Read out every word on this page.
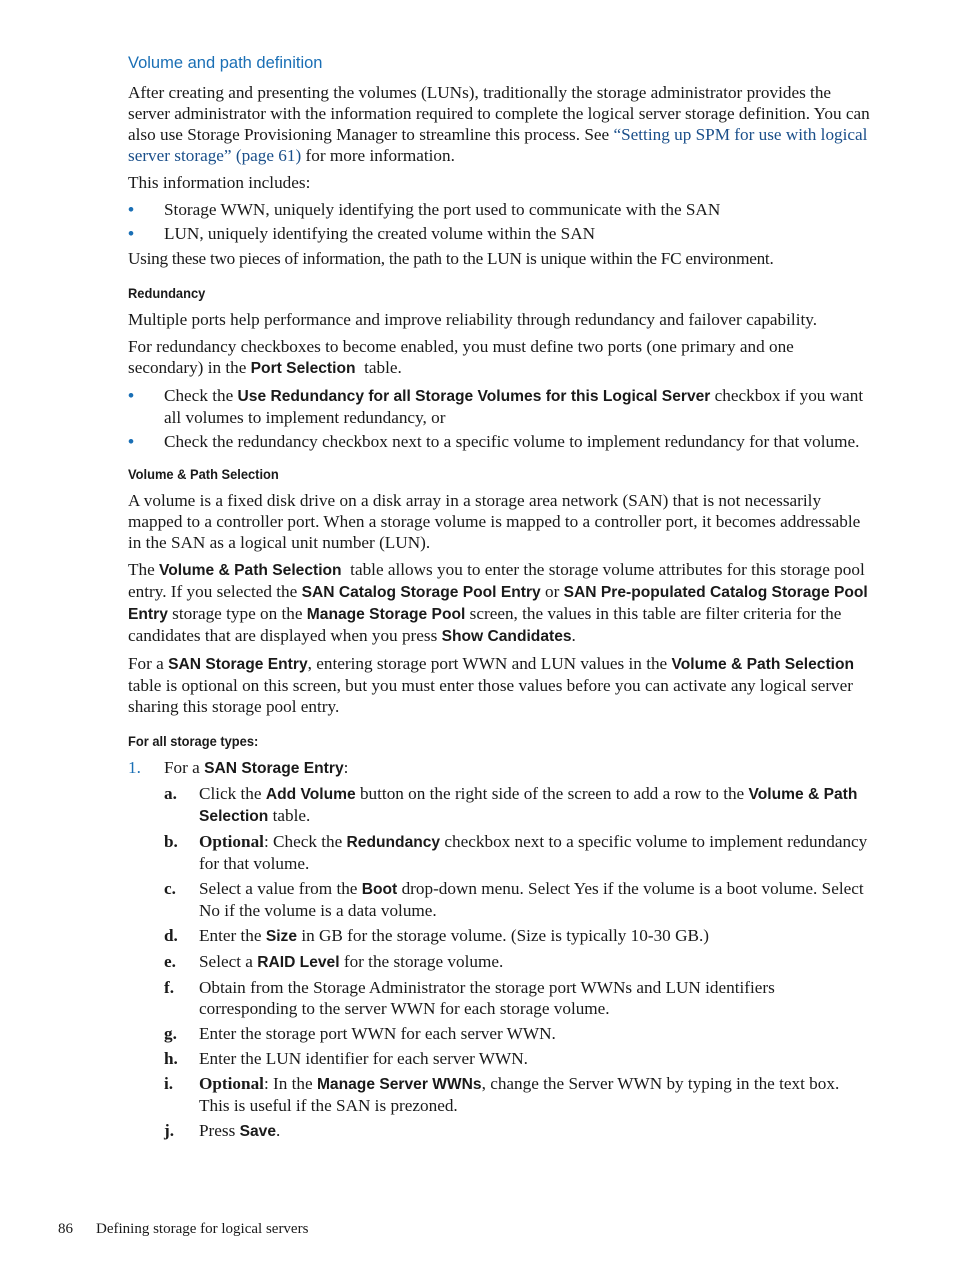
Volume and path definition

After creating and presenting the volumes (LUNs), traditionally the storage administrator provides the server administrator with the information required to complete the logical server storage definition. You can also use Storage Provisioning Manager to streamline this process. See “Setting up SPM for use with logical server storage” (page 61) for more information.

This information includes:

• Storage WWN, uniquely identifying the port used to communicate with the SAN
• LUN, uniquely identifying the created volume within the SAN

Using these two pieces of information, the path to the LUN is unique within the FC environment.

Redundancy

Multiple ports help performance and improve reliability through redundancy and failover capability.

For redundancy checkboxes to become enabled, you must define two ports (one primary and one secondary) in the Port Selection  table.

• Check the Use Redundancy for all Storage Volumes for this Logical Server checkbox if you want all volumes to implement redundancy, or
• Check the redundancy checkbox next to a specific volume to implement redundancy for that volume.
Volume & Path Selection

A volume is a fixed disk drive on a disk array in a storage area network (SAN) that is not necessarily mapped to a controller port. When a storage volume is mapped to a controller port, it becomes addressable in the SAN as a logical unit number (LUN).

The Volume & Path Selection  table allows you to enter the storage volume attributes for this storage pool entry. If you selected the SAN Catalog Storage Pool Entry or SAN Pre-populated Catalog Storage Pool Entry storage type on the Manage Storage Pool screen, the values in this table are filter criteria for the candidates that are displayed when you press Show Candidates.

For a SAN Storage Entry, entering storage port WWN and LUN values in the Volume & Path Selection table is optional on this screen, but you must enter those values before you can activate any logical server sharing this storage pool entry.

For all storage types:
1. For a SAN Storage Entry:
a. Click the Add Volume button on the right side of the screen to add a row to the Volume & Path Selection table.
b. Optional: Check the Redundancy checkbox next to a specific volume to implement redundancy for that volume.
c. Select a value from the Boot drop-down menu. Select Yes if the volume is a boot volume. Select No if the volume is a data volume.
d. Enter the Size in GB for the storage volume. (Size is typically 10-30 GB.)
e. Select a RAID Level for the storage volume.
f. Obtain from the Storage Administrator the storage port WWNs and LUN identifiers corresponding to the server WWN for each storage volume.
g. Enter the storage port WWN for each server WWN.
h. Enter the LUN identifier for each server WWN.
i. Optional: In the Manage Server WWNs, change the Server WWN by typing in the text box. This is useful if the SAN is prezoned.
j. Press Save.
86 Defining storage for logical servers
